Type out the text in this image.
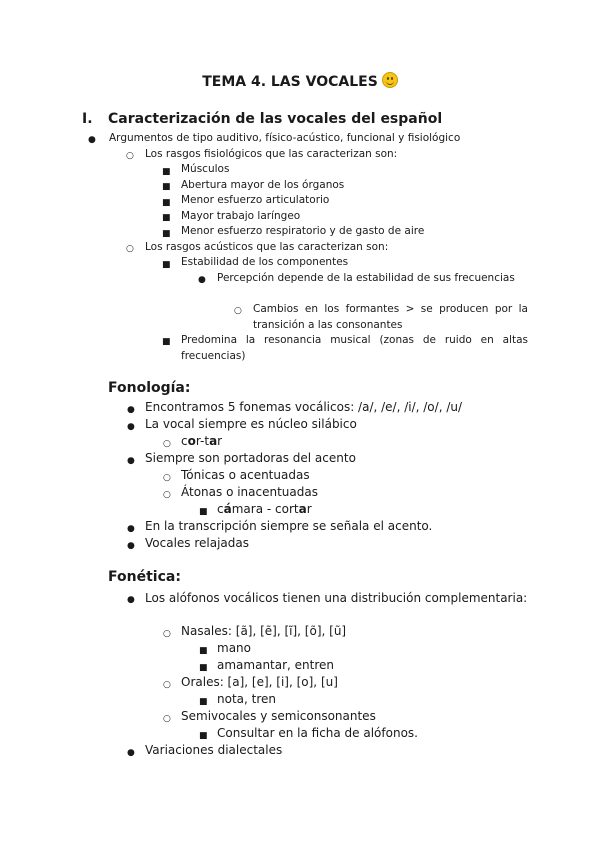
TEMA 4. LAS VOCALES
I. Caracterización de las vocales del español
●
Argumentos de tipo auditivo, físico-acústico, funcional y fisiológico
○
Los rasgos fisiológicos que las caracterizan son:
■
Músculos
■
Abertura mayor de los órganos
■
Menor esfuerzo articulatorio
■
Mayor trabajo laríngeo
■
Menor esfuerzo respiratorio y de gasto de aire
○
Los rasgos acústicos que las caracterizan son:
■
Estabilidad de los componentes
●
Percepción depende de la estabilidad de sus frecuencias
○
Cambios en los formantes > se producen por la transición a las consonantes
■
Predomina la resonancia musical (zonas de ruido en altas frecuencias)
Fonología:
●
Encontramos 5 fonemas vocálicos: /a/, /e/, /i/, /o/, /u/
●
La vocal siempre es núcleo silábico
○
cor-tar
●
Siempre son portadoras del acento
○
Tónicas o acentuadas
○
Átonas o inacentuadas
■
cámara - cortar
●
En la transcripción siempre se señala el acento.
●
Vocales relajadas
Fonética:
●
Los alófonos vocálicos tienen una distribución complementaria:
○
Nasales: [ã], [ẽ], [ĩ], [õ], [ũ]
■
mano
■
amamantar, entren
○
Orales: [a], [e], [i], [o], [u]
■
nota, tren
○
Semivocales y semiconsonantes
■
Consultar en la ficha de alófonos.
●
Variaciones dialectales
